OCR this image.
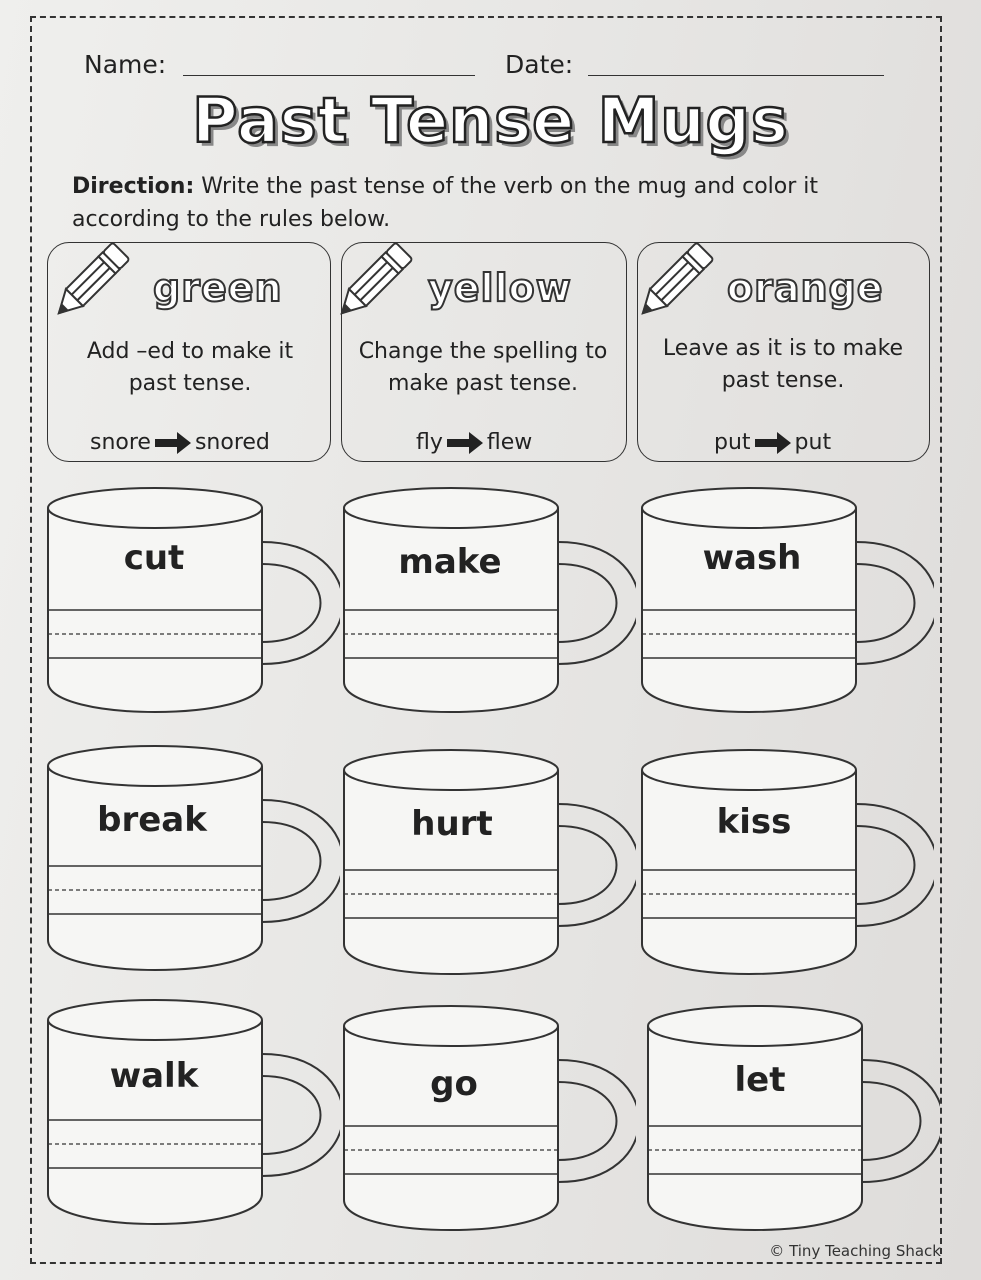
Name:	Date:
Past Tense Mugs
Direction: Write the past tense of the verb on the mug and color it according to the rules below.
green	yellow	orange
Add –ed to make it past tense.
Change the spelling to make past tense.
Leave as it is to make past tense.
snore snored	fly flew	put put
cut	make	wash
break	hurt	kiss
walk	go	let
© Tiny Teaching Shack
